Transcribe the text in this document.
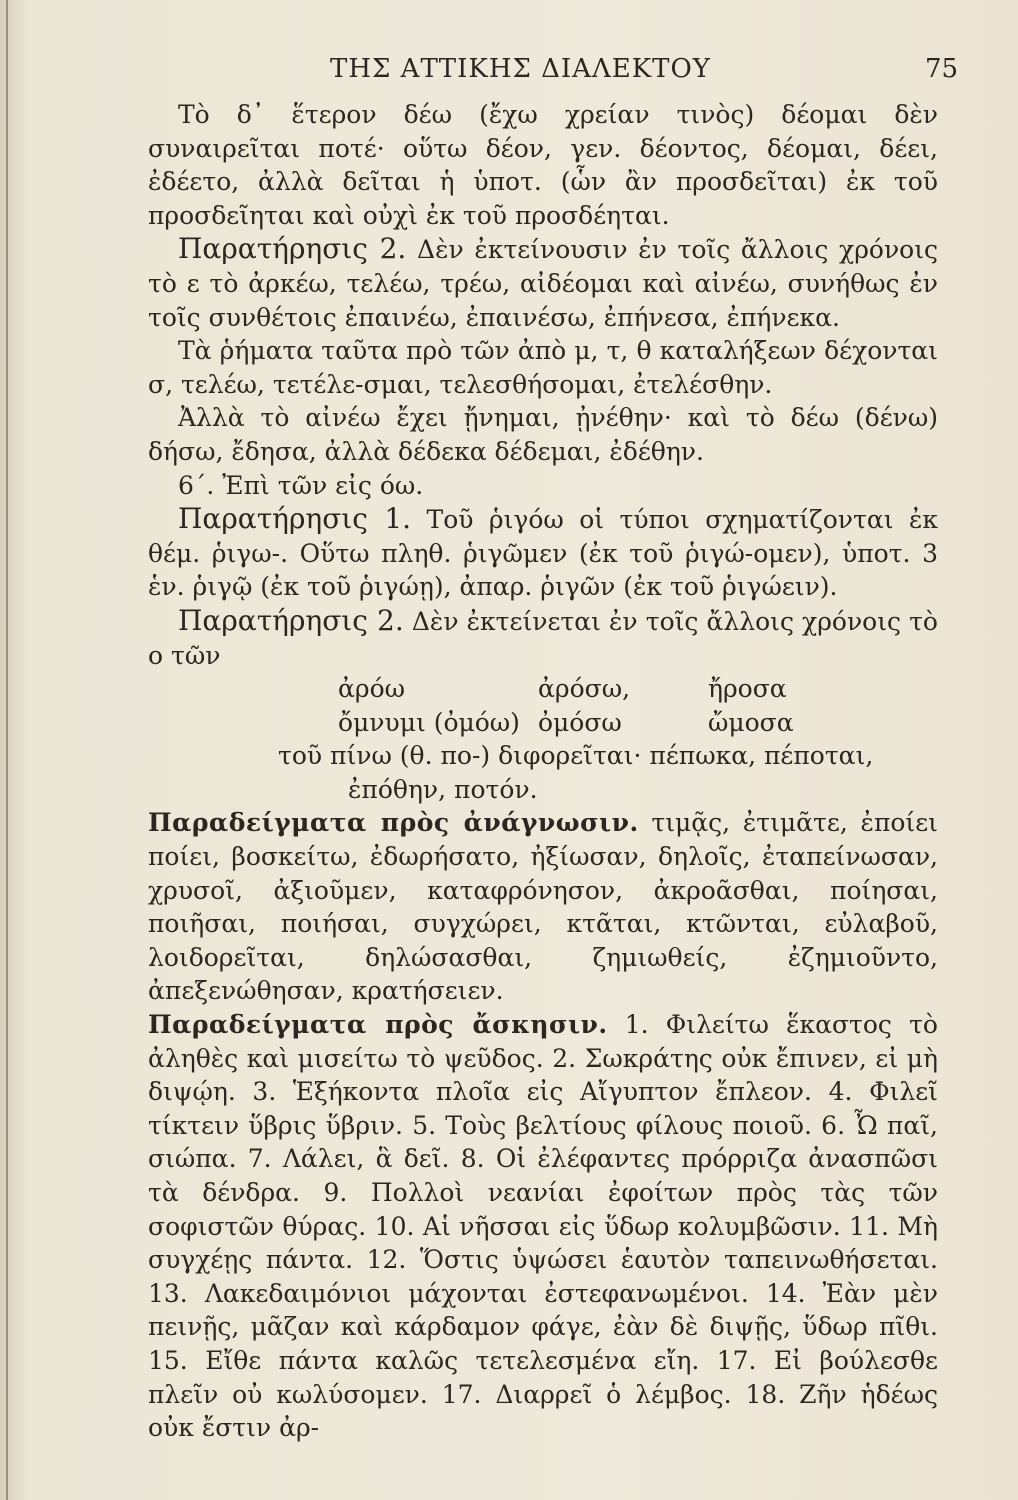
ΤΗΣ ΑΤΤΙΚΗΣ ΔΙΑΛΕΚΤΟΥ	75

Τὸ δ᾽ ἕτερον δέω (ἔχω χρείαν τινὸς) δέομαι δὲν συναιρεῖται ποτέ· οὕτω δέον, γεν. δέοντος, δέομαι, δέει, ἐδέετο, ἀλλὰ δεῖται ἡ ὑποτ. (ὧν ἂν προσδεῖται) ἐκ τοῦ προσδεῖηται καὶ οὐχὶ ἐκ τοῦ προσδέηται.

Παρατήρησις 2. Δὲν ἐκτείνουσιν ἐν τοῖς ἄλλοις χρόνοις τὸ ε τὸ ἀρκέω, τελέω, τρέω, αἰδέομαι καὶ αἰνέω, συνήθως ἐν τοῖς συνθέτοις ἐπαινέω, ἐπαινέσω, ἐπήνεσα, ἐπήνεκα.

Τὰ ῥήματα ταῦτα πρὸ τῶν ἀπὸ μ, τ, θ καταλήξεων δέχονται σ, τελέω, τετέλε-σμαι, τελεσθήσομαι, ἐτελέσθην.

Ἀλλὰ τὸ αἰνέω ἔχει ᾔνημαι, ᾐνέθην· καὶ τὸ δέω (δένω) δήσω, ἔδησα, ἀλλὰ δέδεκα δέδεμαι, ἐδέθην.

6΄. Ἐπὶ τῶν εἰς όω.

Παρατήρησις 1. Τοῦ ῥιγόω οἱ τύποι σχηματίζονται ἐκ θέμ. ῥιγω-. Οὕτω πληθ. ῥιγῶμεν (ἐκ τοῦ ῥιγώ-ομεν), ὑποτ. 3 ἑν. ῥιγῷ (ἐκ τοῦ ῥιγώῃ), ἀπαρ. ῥιγῶν (ἐκ τοῦ ῥιγώειν).

Παρατήρησις 2. Δὲν ἐκτείνεται ἐν τοῖς ἄλλοις χρόνοις τὸ ο τῶν

ἀρόω	ἀρόσω,	ἤροσα
ὄμνυμι (ὀμόω) ὀμόσω	ὤμοσα
τοῦ πίνω (θ. πο-) διφορεῖται· πέπωκα, πέποται,
ἐπόθην, ποτόν.

Παραδείγματα πρὸς ἀνάγνωσιν. τιμᾷς, ἐτιμᾶτε, ἐποίει ποίει, βοσκείτω, ἐδωρήσατο, ἠξίωσαν, δηλοῖς, ἐταπείνωσαν, χρυσοῖ, ἀξιοῦμεν, καταφρόνησον, ἀκροᾶσθαι, ποίησαι, ποιῆσαι, ποιήσαι, συγχώρει, κτᾶται, κτῶνται, εὐλαβοῦ, λοιδορεῖται, δηλώσασθαι, ζημιωθείς, ἐζημιοῦντο, ἀπεξενώθησαν, κρατήσειεν.

Παραδείγματα πρὸς ἄσκησιν. 1. Φιλείτω ἕκαστος τὸ ἀληθὲς καὶ μισείτω τὸ ψεῦδος. 2. Σωκράτης οὐκ ἔπινεν, εἰ μὴ διψῴη. 3. Ἑξήκοντα πλοῖα εἰς Αἴγυπτον ἔπλεον. 4. Φιλεῖ τίκτειν ὕβρις ὕβριν. 5. Τοὺς βελτίους φίλους ποιοῦ. 6. Ὦ παῖ, σιώπα. 7. Λάλει, ἃ δεῖ. 8. Οἱ ἐλέφαντες πρόρριζα ἀνασπῶσι τὰ δένδρα. 9. Πολλοὶ νεανίαι ἐφοίτων πρὸς τὰς τῶν σοφιστῶν θύρας. 10. Αἱ νῆσσαι εἰς ὕδωρ κολυμβῶσιν. 11. Μὴ συγχέῃς πάντα. 12. Ὅστις ὑψώσει ἑαυτὸν ταπεινωθήσεται. 13. Λακεδαιμόνιοι μάχονται ἐστεφανωμένοι. 14. Ἐὰν μὲν πεινῇς, μᾶζαν καὶ κάρδαμον φάγε, ἐὰν δὲ διψῇς, ὕδωρ πῖθι. 15. Εἴθε πάντα καλῶς τετελεσμένα εἴη. 17. Εἰ βούλεσθε πλεῖν οὐ κωλύσομεν. 17. Διαρρεῖ ὁ λέμβος. 18. Ζῆν ἡδέως οὐκ ἔστιν ἀρ-
